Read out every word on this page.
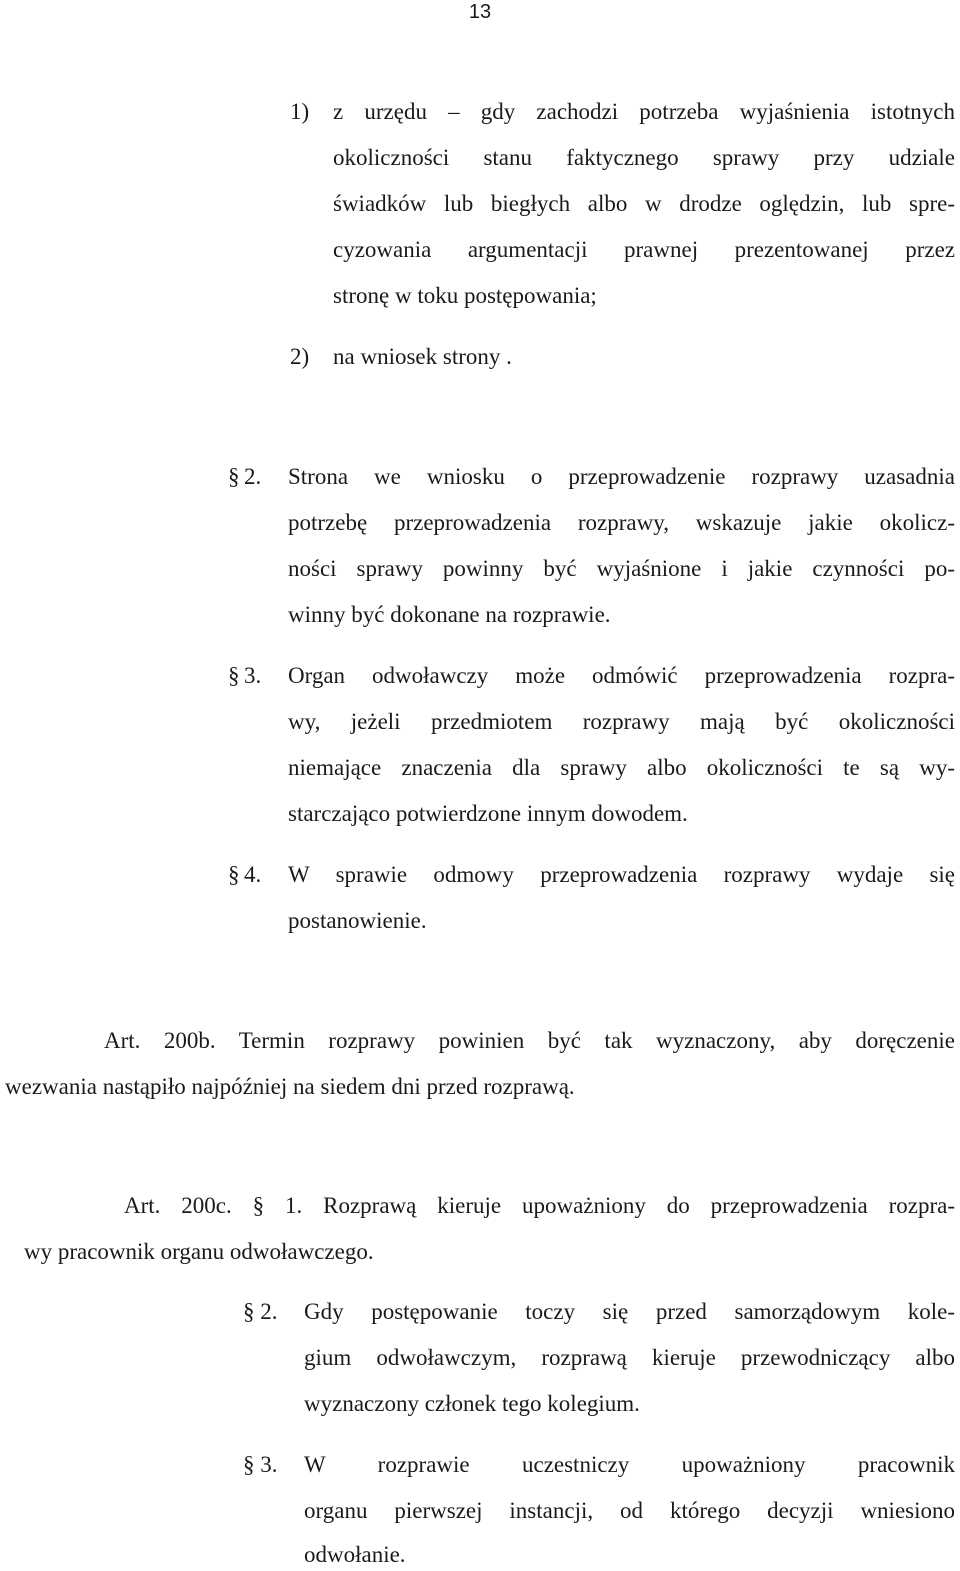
13
1) z urzędu – gdy zachodzi potrzeba wyjaśnienia istotnych
okoliczności stanu faktycznego sprawy przy udziale
świadków lub biegłych albo w drodze oględzin, lub spre-
cyzowania argumentacji prawnej prezentowanej przez
stronę w toku postępowania;
2) na wniosek strony .
§ 2. Strona we wniosku o przeprowadzenie rozprawy uzasadnia
potrzebę przeprowadzenia rozprawy, wskazuje jakie okolicz-
ności sprawy powinny być wyjaśnione i jakie czynności po-
winny być dokonane na rozprawie.
§ 3. Organ odwoławczy może odmówić przeprowadzenia rozpra-
wy, jeżeli przedmiotem rozprawy mają być okoliczności
niemające znaczenia dla sprawy albo okoliczności te są wy-
starczająco potwierdzone innym dowodem.
§ 4. W sprawie odmowy przeprowadzenia rozprawy wydaje się
postanowienie.
Art. 200b. Termin rozprawy powinien być tak wyznaczony, aby doręczenie
wezwania nastąpiło najpóźniej na siedem dni przed rozprawą.
Art. 200c. § 1. Rozprawą kieruje upoważniony do przeprowadzenia rozpra-
wy pracownik organu odwoławczego.
§ 2. Gdy postępowanie toczy się przed samorządowym kole-
gium odwoławczym, rozprawą kieruje przewodniczący albo
wyznaczony członek tego kolegium.
§ 3. W rozprawie uczestniczy upoważniony pracownik
organu pierwszej instancji, od którego decyzji wniesiono
odwołanie.
